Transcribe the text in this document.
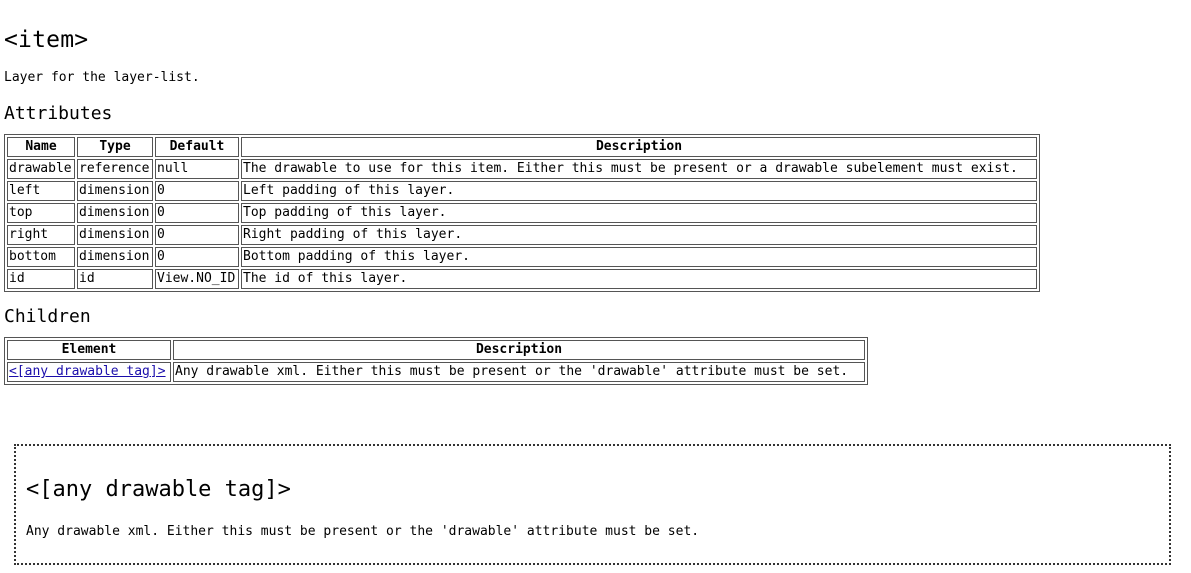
<item>

Layer for the layer-list.

Attributes
Name	Type	Default	Description
drawable	reference	null	The drawable to use for this item. Either this must be present or a drawable subelement must exist.
left	dimension	0	Left padding of this layer.
top	dimension	0	Top padding of this layer.
right	dimension	0	Right padding of this layer.
bottom	dimension	0	Bottom padding of this layer.
id	id	View.NO_ID	The id of this layer.
Children
Element	Description
<[any drawable tag]>	Any drawable xml. Either this must be present or the 'drawable' attribute must be set.
<[any drawable tag]>

Any drawable xml. Either this must be present or the 'drawable' attribute must be set.
